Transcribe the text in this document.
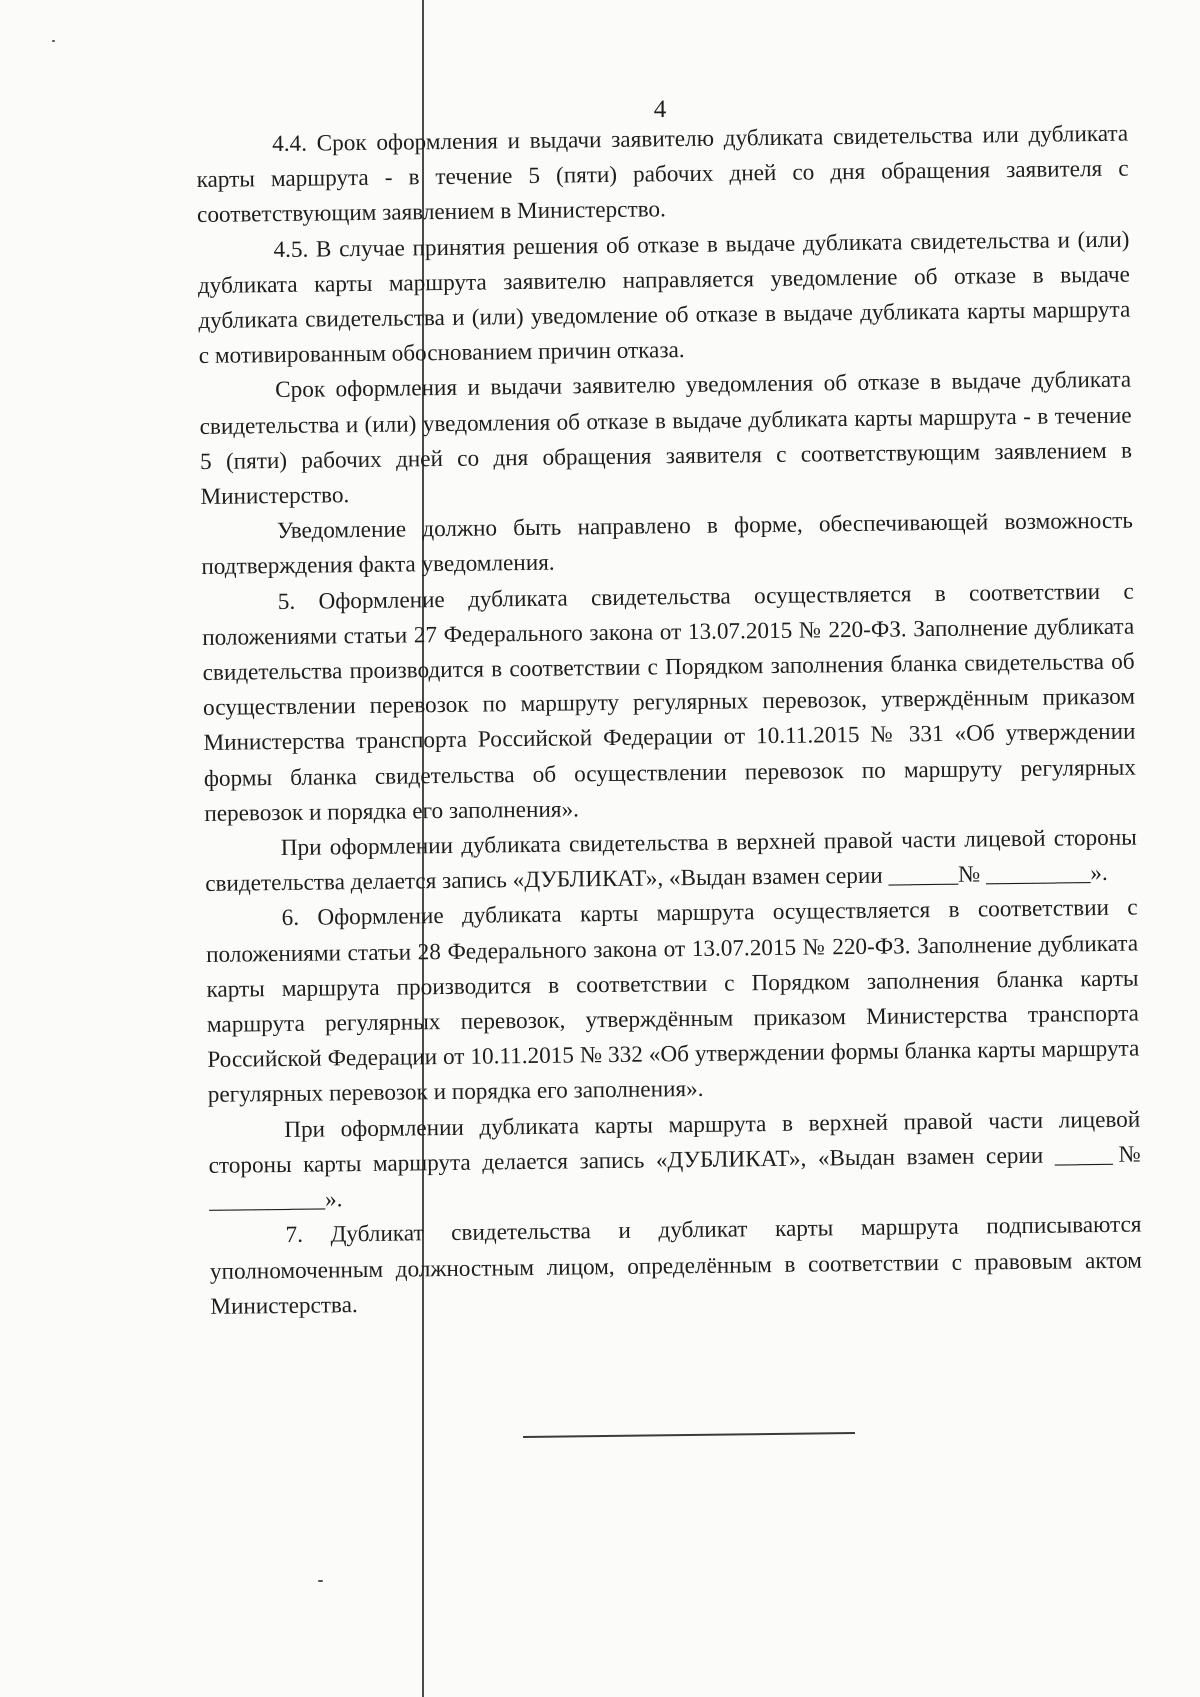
4

4.4. Срок оформления и выдачи заявителю дубликата свидетельства или дубликата карты маршрута - в течение 5 (пяти) рабочих дней со дня обращения заявителя с соответствующим заявлением в Министерство.

4.5. В случае принятия решения об отказе в выдаче дубликата свидетельства и (или) дубликата карты маршрута заявителю направляется уведомление об отказе в выдаче дубликата свидетельства и (или) уведомление об отказе в выдаче дубликата карты маршрута с мотивированным обоснованием причин отказа.

Срок оформления и выдачи заявителю уведомления об отказе в выдаче дубликата свидетельства и (или) уведомления об отказе в выдаче дубликата карты маршрута - в течение 5 (пяти) рабочих дней со дня обращения заявителя с соответствующим заявлением в Министерство.

Уведомление должно быть направлено в форме, обеспечивающей возможность подтверждения факта уведомления.

5. Оформление дубликата свидетельства осуществляется в соответствии с положениями статьи 27 Федерального закона от 13.07.2015 № 220-ФЗ. Заполнение дубликата свидетельства производится в соответствии с Порядком заполнения бланка свидетельства об осуществлении перевозок по маршруту регулярных перевозок, утверждённым приказом Министерства транспорта Российской Федерации от 10.11.2015 № 331 «Об утверждении формы бланка свидетельства об осуществлении перевозок по маршруту регулярных перевозок и порядка его заполнения».

При оформлении дубликата свидетельства в верхней правой части лицевой стороны свидетельства делается запись «ДУБЛИКАТ», «Выдан взамен серии ______№ _________».

6. Оформление дубликата карты маршрута осуществляется в соответствии с положениями статьи 28 Федерального закона от 13.07.2015 № 220-ФЗ. Заполнение дубликата карты маршрута производится в соответствии с Порядком заполнения бланка карты маршрута регулярных перевозок, утверждённым приказом Министерства транспорта Российской Федерации от 10.11.2015 № 332 «Об утверждении формы бланка карты маршрута регулярных перевозок и порядка его заполнения».

При оформлении дубликата карты маршрута в верхней правой части лицевой стороны карты маршрута делается запись «ДУБЛИКАТ», «Выдан взамен серии _____№ __________».

7. Дубликат свидетельства и дубликат карты маршрута подписываются уполномоченным должностным лицом, определённым в соответствии с правовым актом Министерства.
